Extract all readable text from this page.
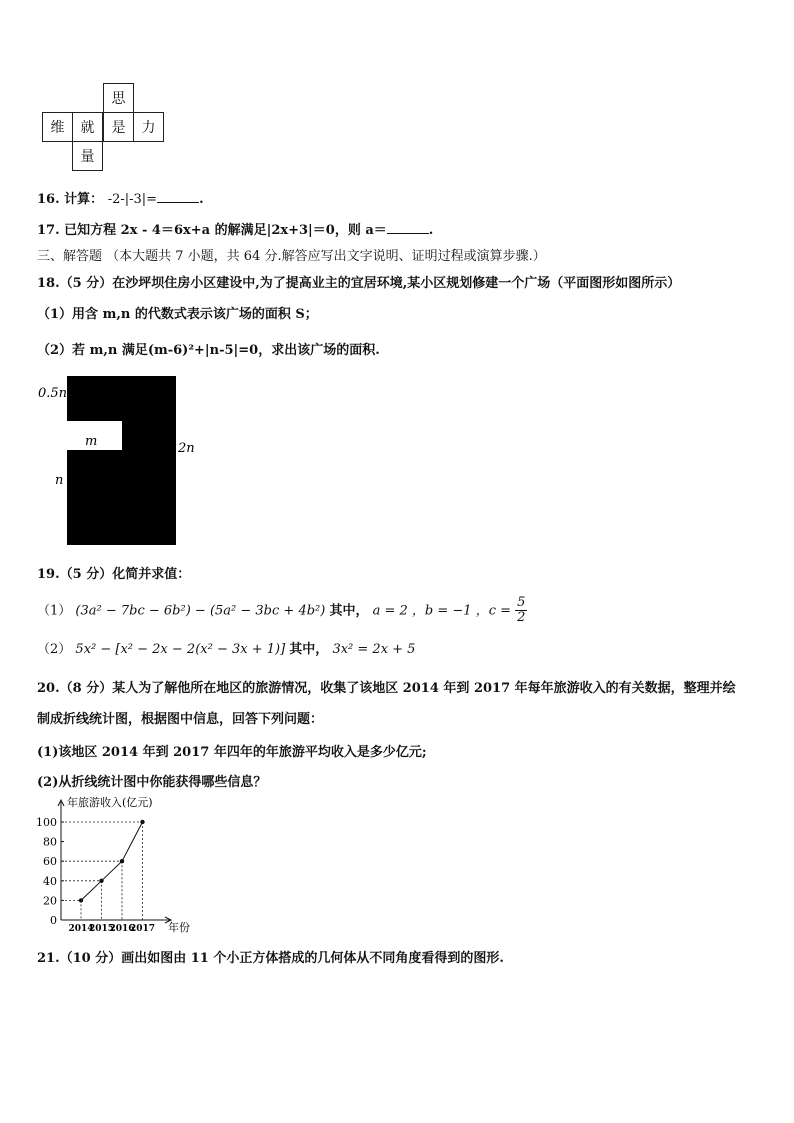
思
维	就	是	力
量
16. 计算： -2-|-3|=	.
17. 已知方程 2x - 4＝6x+a 的解满足|2x+3|＝0，则 a＝	.
三、解答题 （本大题共 7 小题，共 64 分.解答应写出文字说明、证明过程或演算步骤.）
18.（5 分）在沙坪坝住房小区建设中,为了提高业主的宜居环境,某小区规划修建一个广场（平面图形如图所示）
（1）用含 m,n 的代数式表示该广场的面积 S；
（2）若 m,n 满足(m-6)²+|n-5|=0，求出该广场的面积.
0.5n
m	2n
n
2m
19.（5 分）化简并求值：
（1） (3a² − 7bc − 6b²) − (5a² − 3bc + 4b²) 其中， a = 2 ，b = −1 ，$c = \frac{5}{2}$
（2） 5x² − [x² − 2x − 2(x² − 3x + 1)] 其中， 3x² = 2x + 5
20.（8 分）某人为了解他所在地区的旅游情况，收集了该地区 2014 年到 2017 年每年旅游收入的有关数据，整理并绘
制成折线统计图，根据图中信息，回答下列问题：
(1)该地区 2014 年到 2017 年四年的年旅游平均收入是多少亿元;
(2)从折线统计图中你能获得哪些信息？
年旅游收入(亿元)
年份
0
20
40
60
80
100
2014
2015
2016
2017
21.（10 分）画出如图由 11 个小正方体搭成的几何体从不同角度看得到的图形.
